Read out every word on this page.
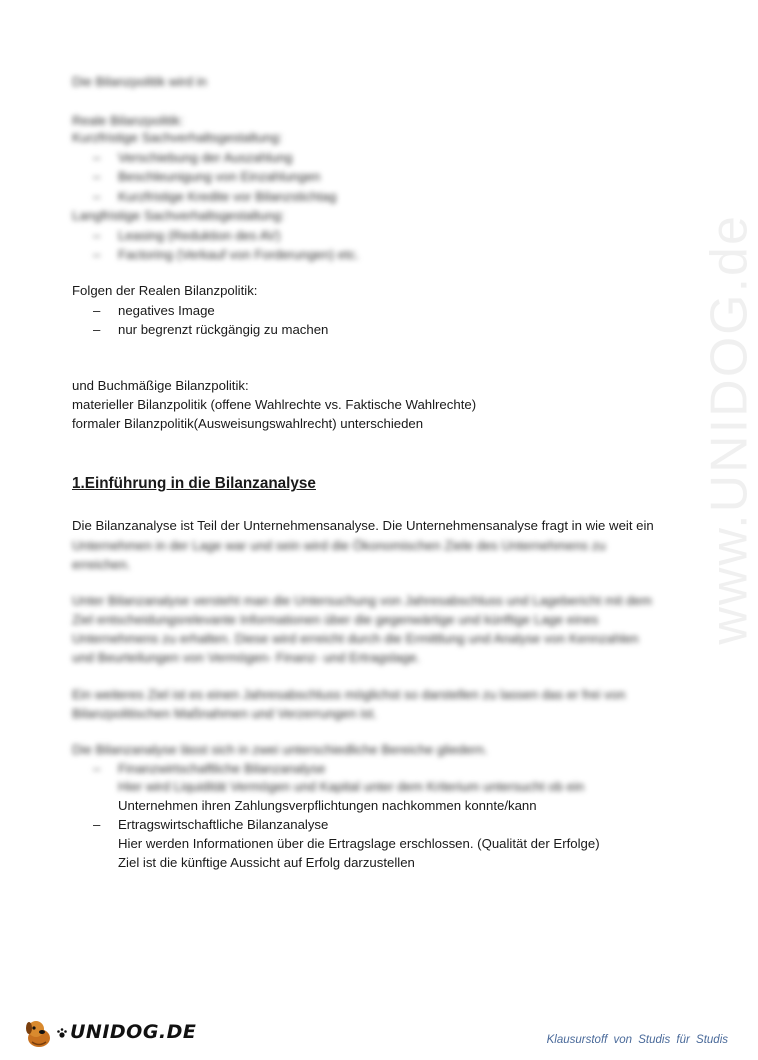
www.UNIDOG.de
Die Bilanzpolitik wird in
Reale Bilanzpolitik:
Kurzfristige Sachverhaltsgestaltung:
– Verschiebung der Auszahlung
– Beschleunigung von Einzahlungen
– Kurzfristige Kredite vor Bilanzstichtag
Langfristige Sachverhaltsgestaltung:
– Leasing (Reduktion des AV)
– Factoring (Verkauf von Forderungen) etc.
Folgen der Realen Bilanzpolitik:
– negatives Image
– nur begrenzt rückgängig zu machen
und Buchmäßige Bilanzpolitik:
materieller Bilanzpolitik (offene Wahlrechte vs. Faktische Wahlrechte)
formaler Bilanzpolitik(Ausweisungswahlrecht) unterschieden
1.Einführung in die Bilanzanalyse
Die Bilanzanalyse ist Teil der Unternehmensanalyse. Die Unternehmensanalyse fragt in wie weit ein
Unternehmen in der Lage war und sein wird die Ökonomischen Ziele des Unternehmens zu
erreichen.
Unter Bilanzanalyse versteht man die Untersuchung von Jahresabschluss und Lagebericht mit dem
Ziel entscheidungsrelevante Informationen über die gegenwärtige und künftige Lage eines
Unternehmens zu erhalten. Diese wird erreicht durch die Ermittlung und Analyse von Kennzahlen
und Beurteilungen von Vermögen- Finanz- und Ertragslage.
Ein weiteres Ziel ist es einen Jahresabschluss möglichst so darstellen zu lassen das er frei von
Bilanzpolitischen Maßnahmen und Verzerrungen ist.
Die Bilanzanalyse lässt sich in zwei unterschiedliche Bereiche gliedern.
– Finanzwirtschaftliche Bilanzanalyse
Hier wird Liquidität Vermögen und Kapital unter dem Kriterium untersucht ob ein
Unternehmen ihren Zahlungsverpflichtungen nachkommen konnte/kann
– Ertragswirtschaftliche Bilanzanalyse
Hier werden Informationen über die Ertragslage erschlossen. (Qualität der Erfolge)
Ziel ist die künftige Aussicht auf Erfolg darzustellen
UNIDOG.DE	Klausurstoff von Studis für Studis
